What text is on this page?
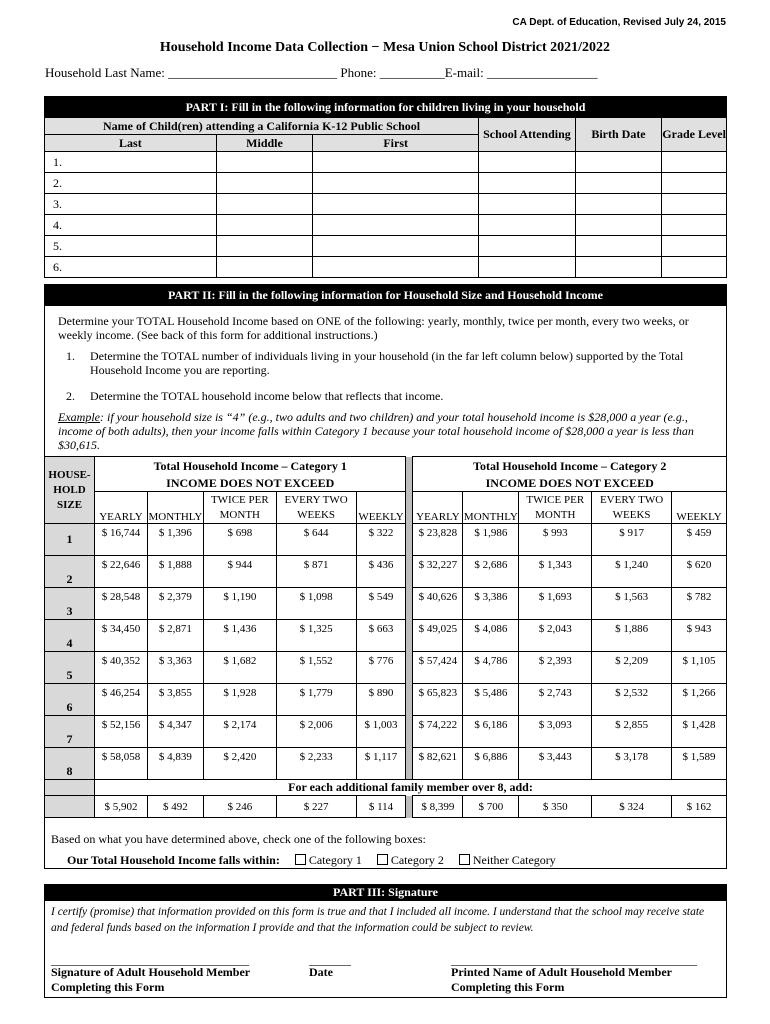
CA Dept. of Education, Revised July 24, 2015
Household Income Data Collection − Mesa Union School District 2021/2022
Household Last Name: __________________________ Phone: __________E-mail: _________________
PART I: Fill in the following information for children living in your household					
Name of Child(ren) attending a California K-12 Public School			School Attending	Birth Date	Grade Level
Last	Middle	First			
1.					
2.					
3.					
4.					
5.					
6.					
PART II: Fill in the following information for Household Size and Household Income
Determine your TOTAL Household Income based on ONE of the following: yearly, monthly, twice per month, every two weeks, or weekly income. (See back of this form for additional instructions.)
1.	Determine the TOTAL number of individuals living in your household (in the far left column below) supported by the Total Household Income you are reporting.
2.	Determine the TOTAL household income below that reflects that income.
Example: if your household size is “4” (e.g., two adults and two children) and your total household income is $28,000 a year (e.g., income of both adults), then your income falls within Category 1 because your total household income of $28,000 a year is less than $30,615.
HOUSE-HOLD SIZE	Total Household Income – Category 1						Total Household Income – Category 2				
	INCOME DOES NOT EXCEED						INCOME DOES NOT EXCEED				
	YEARLY	MONTHLY	TWICE PER MONTH	EVERY TWO WEEKS	WEEKLY		YEARLY	MONTHLY	TWICE PER MONTH	EVERY TWO WEEKS	WEEKLY
1	$ 16,744	$ 1,396	$ 698	$ 644	$ 322		$ 23,828	$ 1,986	$ 993	$ 917	$ 459
2	$ 22,646	$ 1,888	$ 944	$ 871	$ 436		$ 32,227	$ 2,686	$ 1,343	$ 1,240	$ 620
3	$ 28,548	$ 2,379	$ 1,190	$ 1,098	$ 549		$ 40,626	$ 3,386	$ 1,693	$ 1,563	$ 782
4	$ 34,450	$ 2,871	$ 1,436	$ 1,325	$ 663		$ 49,025	$ 4,086	$ 2,043	$ 1,886	$ 943
5	$ 40,352	$ 3,363	$ 1,682	$ 1,552	$ 776		$ 57,424	$ 4,786	$ 2,393	$ 2,209	$ 1,105
6	$ 46,254	$ 3,855	$ 1,928	$ 1,779	$ 890		$ 65,823	$ 5,486	$ 2,743	$ 2,532	$ 1,266
7	$ 52,156	$ 4,347	$ 2,174	$ 2,006	$ 1,003		$ 74,222	$ 6,186	$ 3,093	$ 2,855	$ 1,428
8	$ 58,058	$ 4,839	$ 2,420	$ 2,233	$ 1,117		$ 82,621	$ 6,886	$ 3,443	$ 3,178	$ 1,589
	For each additional family member over 8, add:										
	$ 5,902	$ 492	$ 246	$ 227	$ 114		$ 8,399	$ 700	$ 350	$ 324	$ 162
Based on what you have determined above, check one of the following boxes:
Our Total Household Income falls within: Category 1 Category 2 Neither Category
PART III: Signature
I certify (promise) that information provided on this form is true and that I included all income. I understand that the school may receive state and federal funds based on the information I provide and that the information could be subject to review.
_________________________________	_______	_________________________________________
Signature of Adult Household Member Completing this Form
Date	Printed Name of Adult Household Member Completing this Form
